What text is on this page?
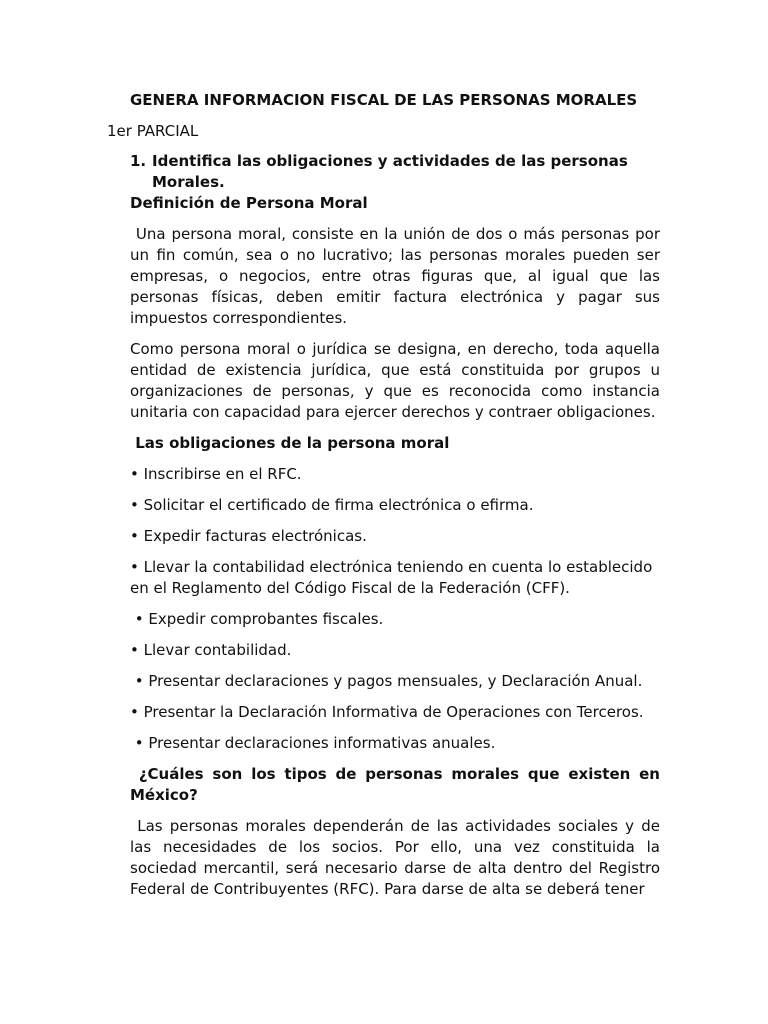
GENERA INFORMACION FISCAL DE LAS PERSONAS MORALES

1er PARCIAL

1. Identifica las obligaciones y actividades de las personas Morales.
Definición de Persona Moral

Una persona moral, consiste en la unión de dos o más personas por un fin común, sea o no lucrativo; las personas morales pueden ser empresas, o negocios, entre otras figuras que, al igual que las personas físicas, deben emitir factura electrónica y pagar sus impuestos correspondientes.

Como persona moral o jurídica se designa, en derecho, toda aquella entidad de existencia jurídica, que está constituida por grupos u organizaciones de personas, y que es reconocida como instancia unitaria con capacidad para ejercer derechos y contraer obligaciones.

Las obligaciones de la persona moral
• Inscribirse en el RFC.
• Solicitar el certificado de firma electrónica o efirma.
• Expedir facturas electrónicas.
• Llevar la contabilidad electrónica teniendo en cuenta lo establecido en el Reglamento del Código Fiscal de la Federación (CFF).
• Expedir comprobantes fiscales.
• Llevar contabilidad.
• Presentar declaraciones y pagos mensuales, y Declaración Anual.
• Presentar la Declaración Informativa de Operaciones con Terceros.
• Presentar declaraciones informativas anuales.
¿Cuáles son los tipos de personas morales que existen en México?

Las personas morales dependerán de las actividades sociales y de las necesidades de los socios. Por ello, una vez constituida la sociedad mercantil, será necesario darse de alta dentro del Registro Federal de Contribuyentes (RFC). Para darse de alta se deberá tener
